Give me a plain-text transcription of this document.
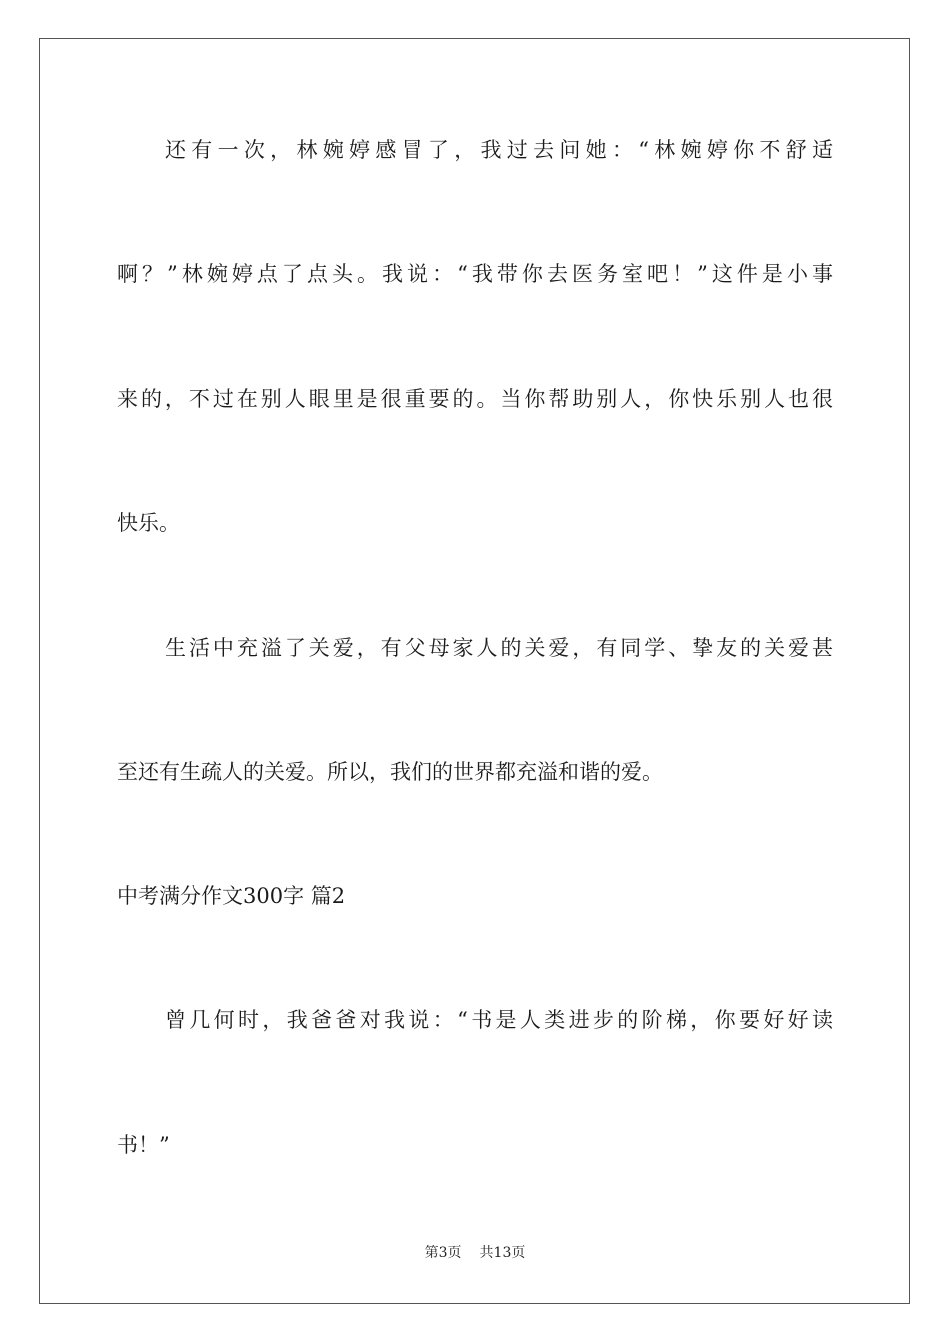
还有一次，林婉婷感冒了，我过去问她：“林婉婷你不舒适
啊？”林婉婷点了点头。我说：“我带你去医务室吧！”这件是小事
来的，不过在别人眼里是很重要的。当你帮助别人，你快乐别人也很
快乐。
生活中充溢了关爱，有父母家人的关爱，有同学、挚友的关爱甚
至还有生疏人的关爱。所以，我们的世界都充溢和谐的爱。
中考满分作文300字 篇2
曾几何时，我爸爸对我说：“书是人类进步的阶梯，你要好好读
书！”
第3页 共13页
